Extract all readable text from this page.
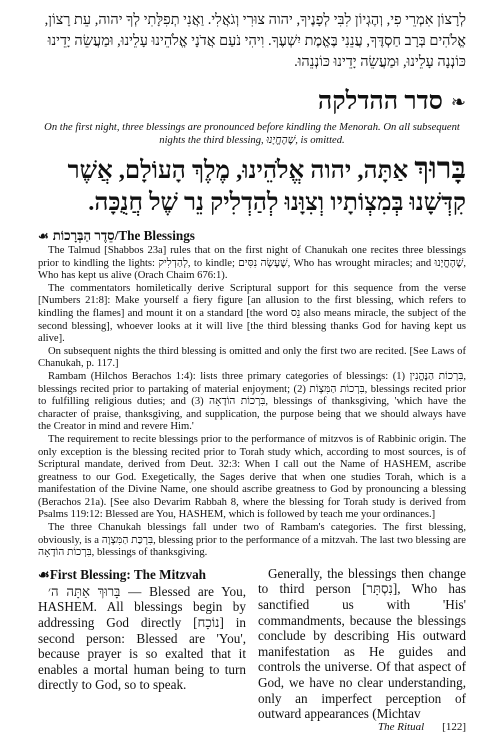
לְרָצוֹן אִמְרֵי פִי, וְהֶגְיוֹן לִבִּי לְפָנֶיךָ, יהוה צוּרִי וְגֹאֲלִי. וַאֲנִי תְפִלָּתִי לְךָ יהוה, עֵת רָצוֹן, אֱלֹהִים בְּרָב חַסְדֶּךָ, עֲנֵנִי בֶּאֱמֶת יִשְׁעֶךָ. וִיהִי נֹעַם אֲדֹנָי אֱלֹהֵינוּ עָלֵינוּ, וּמַעֲשֵׂה יָדֵינוּ כּוֹנְנָה עָלֵינוּ, וּמַעֲשֵׂה יָדֵינוּ כּוֹנְנֵהוּ.
סדר ההדלקה ❧
On the first night, three blessings are pronounced before kindling the Menorah. On all subsequent nights the third blessing, שֶׁהֶחֱיָנוּ, is omitted.
בָּרוּךְ אַתָּה, יהוה אֱלֹהֵינוּ, מֶלֶךְ הָעוֹלָם, אֲשֶׁר קִדְּשָׁנוּ בְּמִצְוֹתָיו וְצִוָּנוּ לְהַדְלִיק נֵר שֶׁל חֲנֻכָּה.
☙ סֵדֶר הַבְּרָכוֹת/The Blessings

The Talmud [Shabbos 23a] rules that on the first night of Chanukah one recites three blessings prior to kindling the lights: לְהַדְלִיק, to kindle; שֶׁעָשָׂה נִסִּים, Who has wrought miracles; and שֶׁהֶחֱיָנוּ, Who has kept us alive (Orach Chaim 676:1).

The commentators homiletically derive Scriptural support for this sequence from the verse [Numbers 21:8]: Make yourself a fiery figure [an allusion to the first blessing, which refers to kindling the flames] and mount it on a standard [the word נֵס also means miracle, the subject of the second blessing], whoever looks at it will live [the third blessing thanks God for having kept us alive].

On subsequent nights the third blessing is omitted and only the first two are recited. [See Laws of Chanukah, p. 117.]

Rambam (Hilchos Berachos 1:4): lists three primary categories of blessings: (1) בִּרְכוֹת הַנֶּהֱנִין, blessings recited prior to partaking of material enjoyment; (2) בִּרְכוֹת הַמִּצְוֹת, blessings recited prior to fulfilling religious duties; and (3) בִּרְכוֹת הוֹדָאָה, blessings of thanksgiving, 'which have the character of praise, thanksgiving, and supplication, the purpose being that we should always have the Creator in mind and revere Him.'

The requirement to recite blessings prior to the performance of mitzvos is of Rabbinic origin. The only exception is the blessing recited prior to Torah study which, according to most sources, is of Scriptural mandate, derived from Deut. 32:3: When I call out the Name of HASHEM, ascribe greatness to our God. Exegetically, the Sages derive that when one studies Torah, which is a manifestation of the Divine Name, one should ascribe greatness to God by pronouncing a blessing (Berachos 21a). [See also Devarim Rabbah 8, where the blessing for Torah study is derived from Psalms 119:12: Blessed are You, HASHEM, which is followed by teach me your ordinances.]

The three Chanukah blessings fall under two of Rambam's categories. The first blessing, obviously, is a בִּרְכַּת הַמִּצְוָה, blessing prior to the performance of a mitzvah. The last two blessing are בִּרְכוֹת הוֹדָאָה, blessings of thanksgiving.

☙ First Blessing: The Mitzvah

בָּרוּךְ אַתָּה ה׳ — Blessed are You, HASHEM. All blessings begin by addressing God directly [נוֹכָח] in second person: Blessed are 'You', because prayer is so exalted that it enables a mortal human being to turn directly to God, so to speak.

Generally, the blessings then change to third person [נִסְתָּר], Who has sanctified us with 'His' commandments, because the blessings conclude by describing His outward manifestation as He guides and controls the universe. Of that aspect of God, we have no clear understanding, only an imperfect perception of outward appearances (Michtav

The Ritual [122]
